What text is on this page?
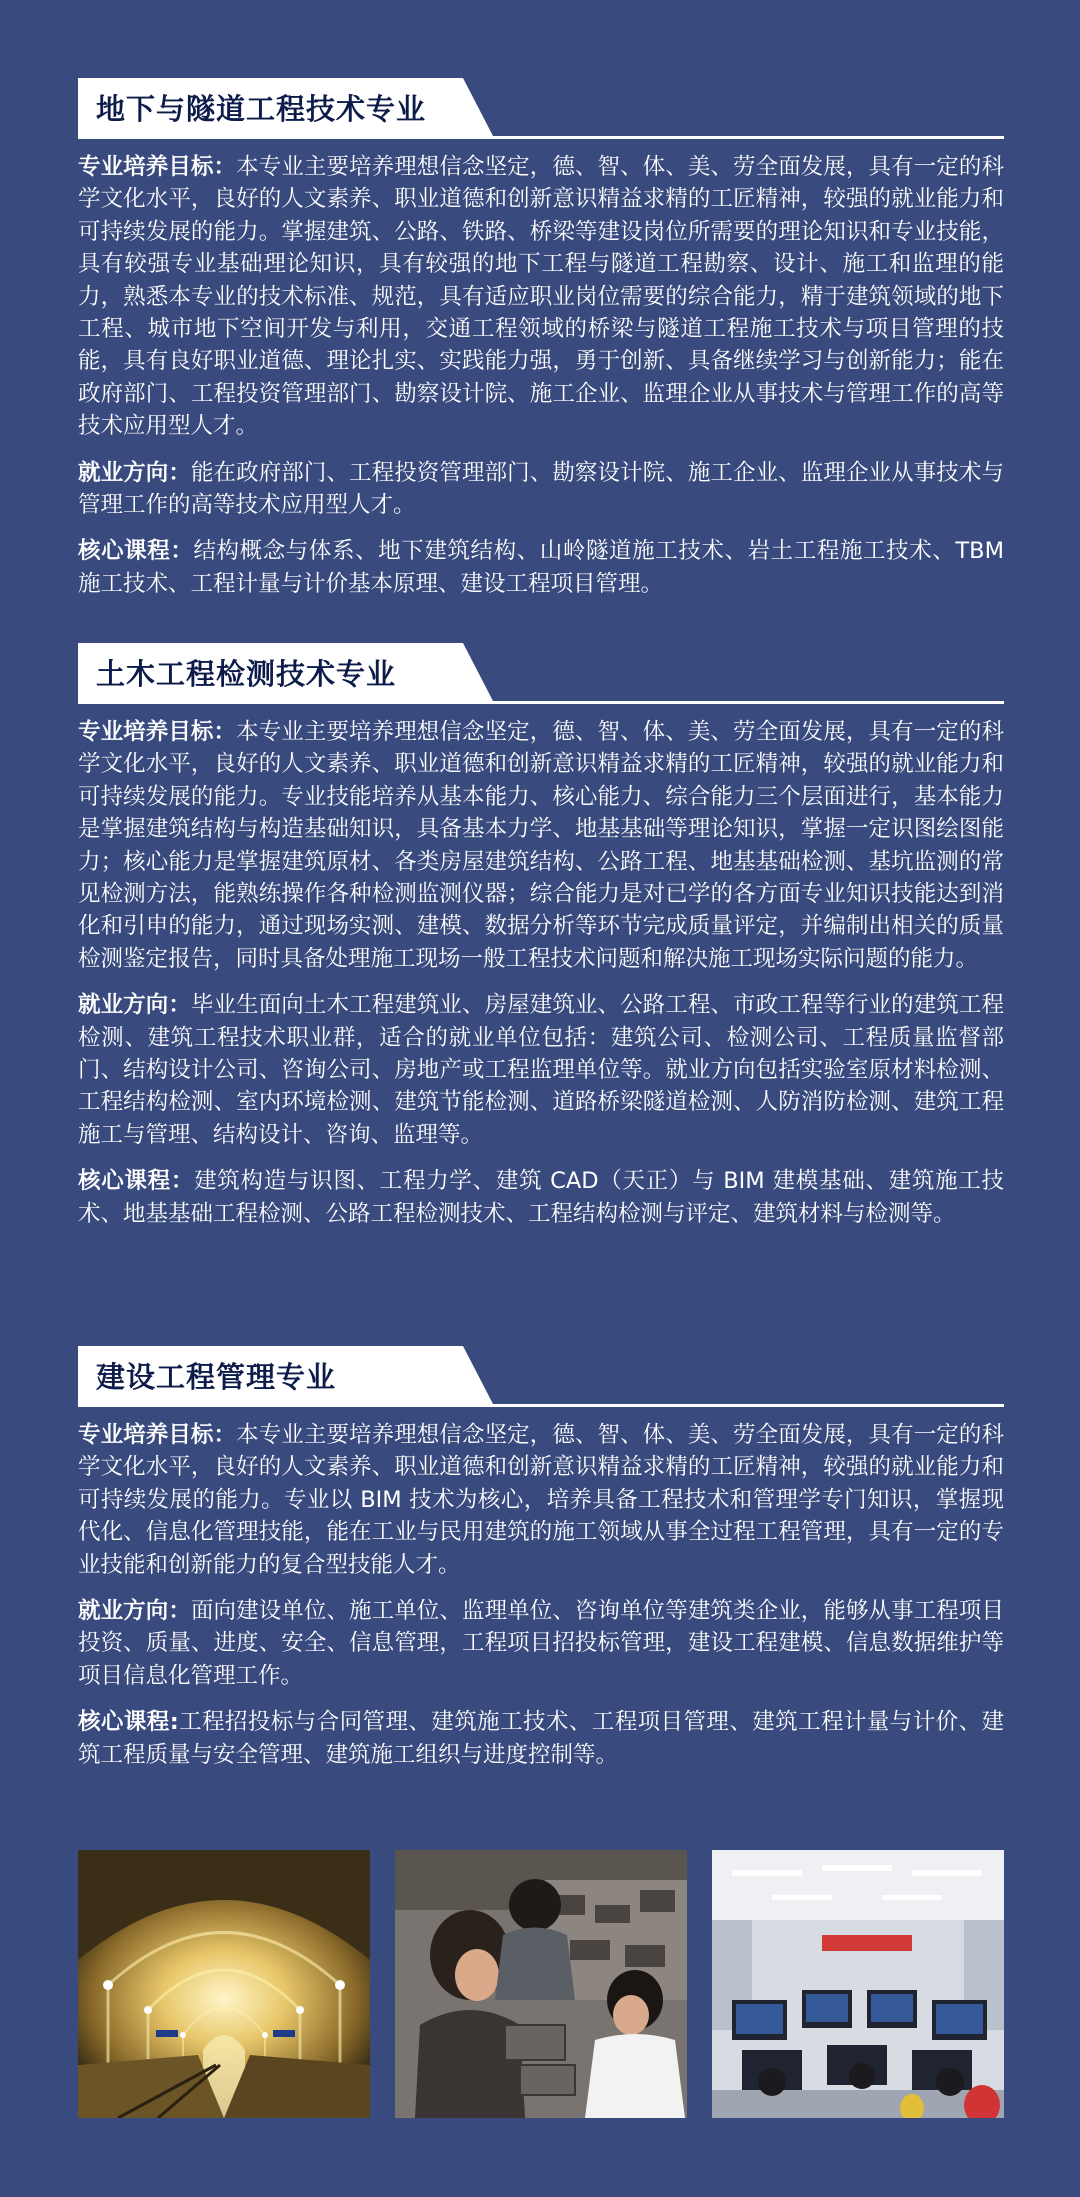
地下与隧道工程技术专业

专业培养目标：本专业主要培养理想信念坚定，德、智、体、美、劳全面发展，具有一定的科学文化水平，良好的人文素养、职业道德和创新意识精益求精的工匠精神，较强的就业能力和可持续发展的能力。掌握建筑、公路、铁路、桥梁等建设岗位所需要的理论知识和专业技能，具有较强专业基础理论知识，具有较强的地下工程与隧道工程勘察、设计、施工和监理的能力，熟悉本专业的技术标准、规范，具有适应职业岗位需要的综合能力，精于建筑领域的地下工程、城市地下空间开发与利用，交通工程领域的桥梁与隧道工程施工技术与项目管理的技能，具有良好职业道德、理论扎实、实践能力强，勇于创新、具备继续学习与创新能力；能在政府部门、工程投资管理部门、勘察设计院、施工企业、监理企业从事技术与管理工作的高等技术应用型人才。

就业方向：能在政府部门、工程投资管理部门、勘察设计院、施工企业、监理企业从事技术与管理工作的高等技术应用型人才。

核心课程：结构概念与体系、地下建筑结构、山岭隧道施工技术、岩土工程施工技术、TBM 施工技术、工程计量与计价基本原理、建设工程项目管理。

土木工程检测技术专业

专业培养目标：本专业主要培养理想信念坚定，德、智、体、美、劳全面发展，具有一定的科学文化水平，良好的人文素养、职业道德和创新意识精益求精的工匠精神，较强的就业能力和可持续发展的能力。专业技能培养从基本能力、核心能力、综合能力三个层面进行，基本能力是掌握建筑结构与构造基础知识，具备基本力学、地基基础等理论知识，掌握一定识图绘图能力；核心能力是掌握建筑原材、各类房屋建筑结构、公路工程、地基基础检测、基坑监测的常见检测方法，能熟练操作各种检测监测仪器；综合能力是对已学的各方面专业知识技能达到消化和引申的能力，通过现场实测、建模、数据分析等环节完成质量评定，并编制出相关的质量检测鉴定报告，同时具备处理施工现场一般工程技术问题和解决施工现场实际问题的能力。

就业方向：毕业生面向土木工程建筑业、房屋建筑业、公路工程、市政工程等行业的建筑工程检测、建筑工程技术职业群，适合的就业单位包括：建筑公司、检测公司、工程质量监督部门、结构设计公司、咨询公司、房地产或工程监理单位等。就业方向包括实验室原材料检测、工程结构检测、室内环境检测、建筑节能检测、道路桥梁隧道检测、人防消防检测、建筑工程施工与管理、结构设计、咨询、监理等。

核心课程：建筑构造与识图、工程力学、建筑 CAD（天正）与 BIM 建模基础、建筑施工技术、地基基础工程检测、公路工程检测技术、工程结构检测与评定、建筑材料与检测等。

建设工程管理专业

专业培养目标：本专业主要培养理想信念坚定，德、智、体、美、劳全面发展，具有一定的科学文化水平，良好的人文素养、职业道德和创新意识精益求精的工匠精神，较强的就业能力和可持续发展的能力。专业以 BIM 技术为核心，培养具备工程技术和管理学专门知识，掌握现代化、信息化管理技能，能在工业与民用建筑的施工领域从事全过程工程管理，具有一定的专业技能和创新能力的复合型技能人才。

就业方向：面向建设单位、施工单位、监理单位、咨询单位等建筑类企业，能够从事工程项目投资、质量、进度、安全、信息管理，工程项目招投标管理，建设工程建模、信息数据维护等项目信息化管理工作。

核心课程:工程招投标与合同管理、建筑施工技术、工程项目管理、建筑工程计量与计价、建筑工程质量与安全管理、建筑施工组织与进度控制等。
